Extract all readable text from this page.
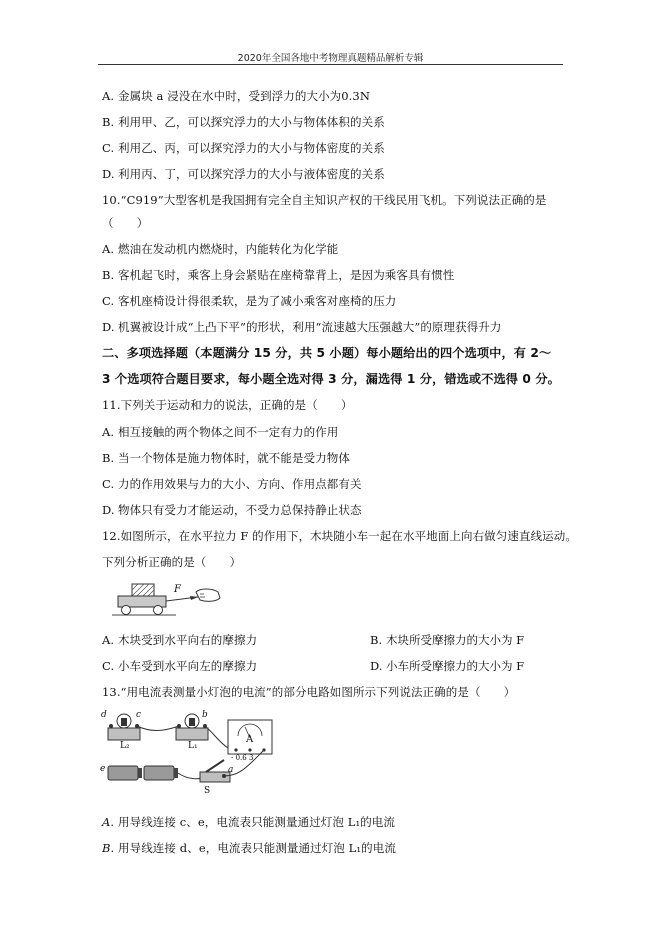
2020年全国各地中考物理真题精品解析专辑
A. 金属块 a 浸没在水中时，受到浮力的大小为0.3N
B. 利用甲、乙，可以探究浮力的大小与物体体积的关系
C. 利用乙、丙，可以探究浮力的大小与物体密度的关系
D. 利用丙、丁，可以探究浮力的大小与液体密度的关系
10.“C919”大型客机是我国拥有完全自主知识产权的干线民用飞机。下列说法正确的是
（　　）
A. 燃油在发动机内燃烧时，内能转化为化学能
B. 客机起飞时，乘客上身会紧贴在座椅靠背上，是因为乘客具有惯性
C. 客机座椅设计得很柔软，是为了减小乘客对座椅的压力
D. 机翼被设计成“上凸下平”的形状，利用“流速越大压强越大”的原理获得升力
二、多项选择题（本题满分 15 分，共 5 小题）每小题给出的四个选项中，有 2～
3 个选项符合题目要求，每小题全选对得 3 分，漏选得 1 分，错选或不选得 0 分。
11.下列关于运动和力的说法，正确的是（　　）
A. 相互接触的两个物体之间不一定有力的作用
B. 当一个物体是施力物体时，就不能是受力物体
C. 力的作用效果与力的大小、方向、作用点都有关
D. 物体只有受力才能运动，不受力总保持静止状态
12.如图所示，在水平拉力 F 的作用下，木块随小车一起在水平地面上向右做匀速直线运动。
下列分析正确的是（　　）
F
A. 木块受到水平向右的摩擦力	B. 木块所受摩擦力的大小为 F
C. 小车受到水平向左的摩擦力	D. 小车所受摩擦力的大小为 F
13.“用电流表测量小灯泡的电流”的部分电路如图所示下列说法正确的是（　　）
d	c	b
L₂	L₁
A
- 0.6 3
e	a
S
A. 用导线连接 c、e，电流表只能测量通过灯泡 L₁的电流
B. 用导线连接 d、e，电流表只能测量通过灯泡 L₁的电流
